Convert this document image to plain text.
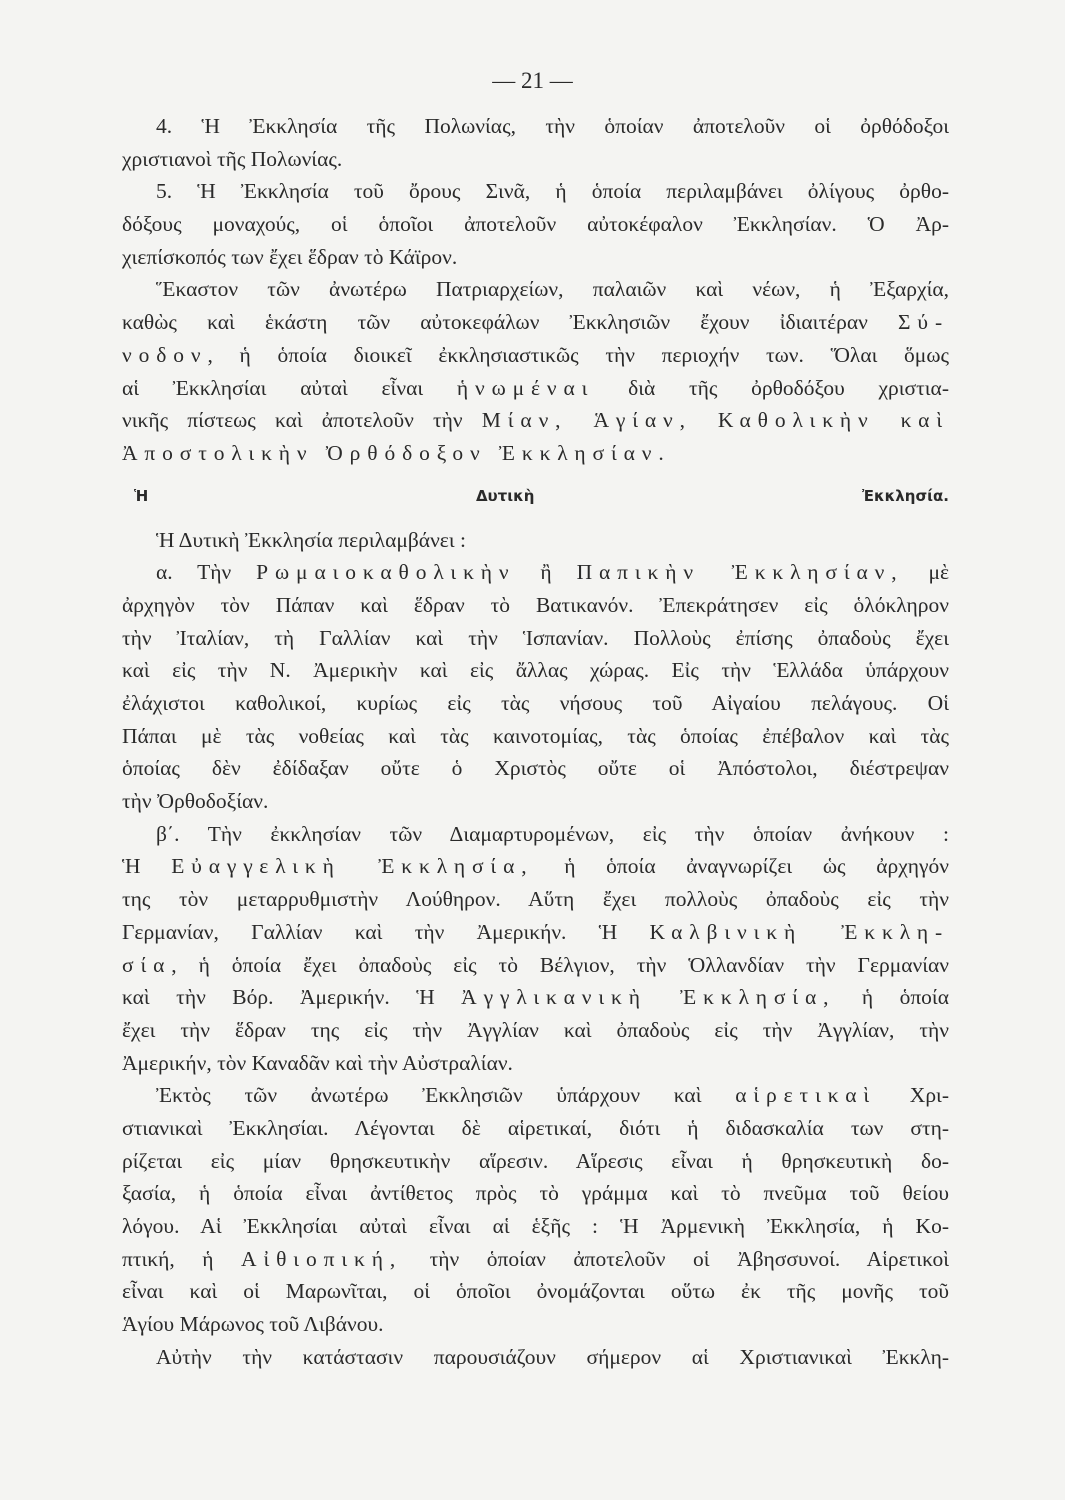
— 21 —
4. Ἡ Ἐκκλησία τῆς Πολωνίας, τὴν ὁποίαν ἀποτελοῦν οἱ ὀρθόδοξοι
χριστιανοὶ τῆς Πολωνίας.
5. Ἡ Ἐκκλησία τοῦ ὄρους Σινᾶ, ἡ ὁποία περιλαμβάνει ὀλίγους ὀρθο-
δόξους μοναχούς, οἱ ὁποῖοι ἀποτελοῦν αὐτοκέφαλον Ἐκκλησίαν. Ὁ Ἀρ-
χιεπίσκοπός των ἔχει ἕδραν τὸ Κάϊρον.
Ἕκαστον τῶν ἀνωτέρω Πατριαρχείων, παλαιῶν καὶ νέων, ἡ Ἐξαρχία,
καθὼς καὶ ἑκάστη τῶν αὐτοκεφάλων Ἐκκλησιῶν ἔχουν ἰδιαιτέραν Σύ-
νοδον, ἡ ὁποία διοικεῖ ἐκκλησιαστικῶς τὴν περιοχήν των. Ὅλαι ὅμως
αἱ Ἐκκλησίαι αὐταὶ εἶναι ἡνωμέναι διὰ τῆς ὀρθοδόξου χριστια-
νικῆς πίστεως καὶ ἀποτελοῦν τὴν Μίαν, Ἁγίαν, Καθολικὴν καὶ
Ἀποστολικὴν Ὀρθόδοξον Ἐκκλησίαν.
Ἡ Δυτικὴ Ἐκκλησία.
Ἡ Δυτικὴ Ἐκκλησία περιλαμβάνει :
α. Τὴν Ρωμαιοκαθολικὴν ἢ Παπικὴν Ἐκκλησίαν, μὲ
ἀρχηγὸν τὸν Πάπαν καὶ ἕδραν τὸ Βατικανόν. Ἐπεκράτησεν εἰς ὁλόκληρον
τὴν Ἰταλίαν, τὴ Γαλλίαν καὶ τὴν Ἱσπανίαν. Πολλοὺς ἐπίσης ὀπαδοὺς ἔχει
καὶ εἰς τὴν Ν. Ἀμερικὴν καὶ εἰς ἄλλας χώρας. Εἰς τὴν Ἑλλάδα ὑπάρχουν
ἐλάχιστοι καθολικοί, κυρίως εἰς τὰς νήσους τοῦ Αἰγαίου πελάγους. Οἱ
Πάπαι μὲ τὰς νοθείας καὶ τὰς καινοτομίας, τὰς ὁποίας ἐπέβαλον καὶ τὰς
ὁποίας δὲν ἐδίδαξαν οὔτε ὁ Χριστὸς οὔτε οἱ Ἀπόστολοι, διέστρεψαν
τὴν Ὀρθοδοξίαν.
β΄. Τὴν ἐκκλησίαν τῶν Διαμαρτυρομένων, εἰς τὴν ὁποίαν ἀνήκουν :
Ἡ Εὐαγγελικὴ Ἐκκλησία, ἡ ὁποία ἀναγνωρίζει ὡς ἀρχηγόν
της τὸν μεταρρυθμιστὴν Λούθηρον. Αὕτη ἔχει πολλοὺς ὀπαδοὺς εἰς τὴν
Γερμανίαν, Γαλλίαν καὶ τὴν Ἀμερικήν. Ἡ Καλβινικὴ Ἐκκλη-
σία, ἡ ὁποία ἔχει ὀπαδοὺς εἰς τὸ Βέλγιον, τὴν Ὁλλανδίαν τὴν Γερμανίαν
καὶ τὴν Βόρ. Ἀμερικήν. Ἡ Ἀγγλικανικὴ Ἐκκλησία, ἡ ὁποία
ἔχει τὴν ἕδραν της εἰς τὴν Ἀγγλίαν καὶ ὀπαδοὺς εἰς τὴν Ἀγγλίαν, τὴν
Ἀμερικήν, τὸν Καναδᾶν καὶ τὴν Αὐστραλίαν.
Ἐκτὸς τῶν ἀνωτέρω Ἐκκλησιῶν ὑπάρχουν καὶ αἱρετικαὶ Χρι-
στιανικαὶ Ἐκκλησίαι. Λέγονται δὲ αἱρετικαί, διότι ἡ διδασκαλία των στη-
ρίζεται εἰς μίαν θρησκευτικὴν αἵρεσιν. Αἵρεσις εἶναι ἡ θρησκευτικὴ δο-
ξασία, ἡ ὁποία εἶναι ἀντίθετος πρὸς τὸ γράμμα καὶ τὸ πνεῦμα τοῦ θείου
λόγου. Αἱ Ἐκκλησίαι αὐταὶ εἶναι αἱ ἑξῆς : Ἡ Ἀρμενικὴ Ἐκκλησία, ἡ Κο-
πτική, ἡ Αἰθιοπική, τὴν ὁποίαν ἀποτελοῦν οἱ Ἀβησσυνοί. Αἱρετικοὶ
εἶναι καὶ οἱ Μαρωνῖται, οἱ ὁποῖοι ὀνομάζονται οὕτω ἐκ τῆς μονῆς τοῦ
Ἁγίου Μάρωνος τοῦ Λιβάνου.
Αὐτὴν τὴν κατάστασιν παρουσιάζουν σήμερον αἱ Χριστιανικαὶ Ἐκκλη-
